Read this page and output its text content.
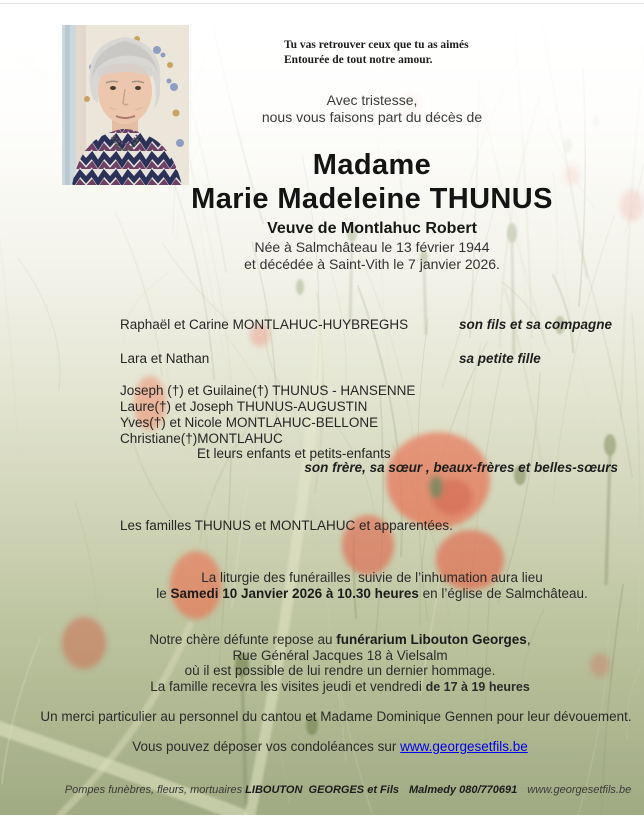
Tu vas retrouver ceux que tu as aimés
Entourée de tout notre amour.
Avec tristesse,
nous vous faisons part du décès de
Madame
Marie Madeleine THUNUS
Veuve de Montlahuc Robert
Née à Salmchâteau le 13 février 1944
et décédée à Saint-Vith le 7 janvier 2026.
Raphaël et Carine MONTLAHUC-HUYBREGHS	son fils et sa compagne
Lara et Nathan	sa petite fille
Joseph (†) et Guilaine(†) THUNUS - HANSENNE
Laure(†) et Joseph THUNUS-AUGUSTIN
Yves(†) et Nicole MONTLAHUC-BELLONE
Christiane(†)MONTLAHUC
Et leurs enfants et petits-enfants
son frère, sa sœur , beaux-frères et belles-sœurs
Les familles THUNUS et MONTLAHUC et apparentées.
La liturgie des funérailles  suivie de l’inhumation aura lieu
le Samedi 10 Janvier 2026 à 10.30 heures en l’église de Salmchâteau.
Notre chère défunte repose au funérarium Libouton Georges,
Rue Général Jacques 18 à Vielsalm
où il est possible de lui rendre un dernier hommage.
La famille recevra les visites jeudi et vendredi de 17 à 19 heures
Un merci particulier au personnel du cantou et Madame Dominique Gennen pour leur dévouement.
Vous pouvez déposer vos condoléances sur www.georgesetfils.be
Pompes funèbres, fleurs, mortuaires LIBOUTON  GEORGES et Fils Malmedy 080/770691 www.georgesetfils.be
